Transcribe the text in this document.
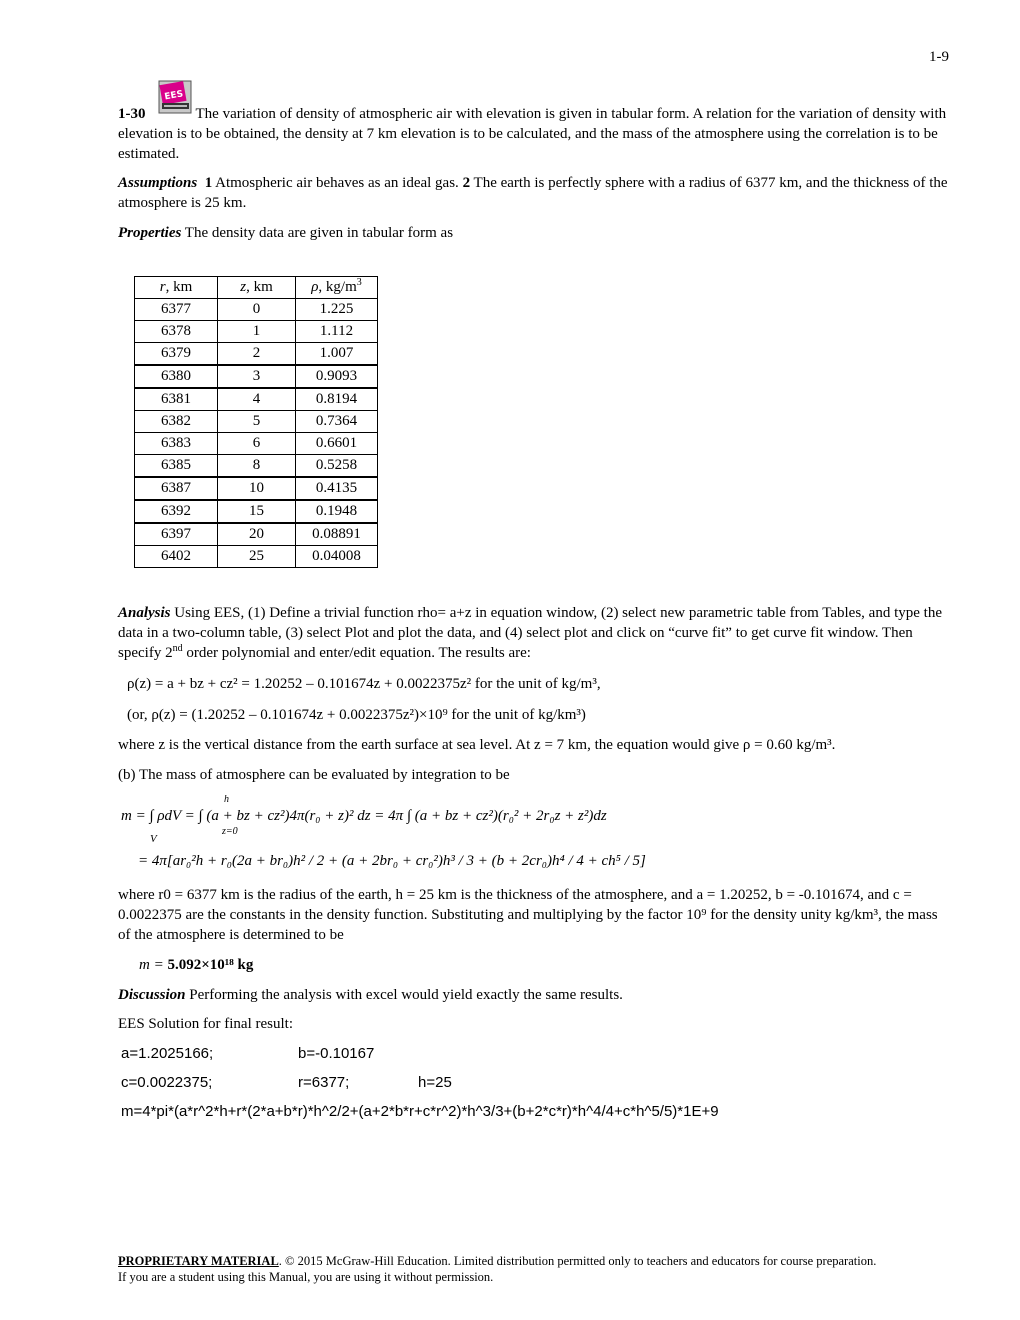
1-9
EES

1-30	The variation of density of atmospheric air with elevation is given in tabular form. A relation for the variation of density with elevation is to be obtained, the density at 7 km elevation is to be calculated, and the mass of the atmosphere using the correlation is to be estimated.

Assumptions 1 Atmospheric air behaves as an ideal gas. 2 The earth is perfectly sphere with a radius of 6377 km, and the thickness of the atmosphere is 25 km.

Properties The density data are given in tabular form as

r, km	z, km	ρ, $kg/m^3$
6377	0	1.225
6378	1	1.112
6379	2	1.007
6380	3	0.9093
6381	4	0.8194
6382	5	0.7364
6383	6	0.6601
6385	8	0.5258
6387	10	0.4135
6392	15	0.1948
6397	20	0.08891
6402	25	0.04008

Analysis Using EES, (1) Define a trivial function rho= a+z in equation window, (2) select new parametric table from Tables, and type the data in a two-column table, (3) select Plot and plot the data, and (4) select plot and click on “curve fit” to get curve fit window. Then specify 2nd order polynomial and enter/edit equation. The results are:

ρ(z) = a + bz + cz² = 1.20252 – 0.101674z + 0.0022375z² for the unit of kg/m³,
(or, ρ(z) = (1.20252 – 0.101674z + 0.0022375z²)×10⁹ for the unit of kg/km³)
where z is the vertical distance from the earth surface at sea level. At z = 7 km, the equation would give ρ = 0.60 kg/m³.
(b) The mass of atmosphere can be evaluated by integration to be
m = ∫ ρdV = ∫ (a + bz + cz²)4π(r₀ + z)² dz = 4π ∫ (a + bz + cz²)(r₀² + 2r₀z + z²)dz
V
h
z=0
= 4π[ar₀²h + r₀(2a + br₀)h² / 2 + (a + 2br₀ + cr₀²)h³ / 3 + (b + 2cr₀)h⁴ / 4 + ch⁵ / 5]
where r0 = 6377 km is the radius of the earth, h = 25 km is the thickness of the atmosphere, and a = 1.20252, b = -0.101674, and c = 0.0022375 are the constants in the density function. Substituting and multiplying by the factor 10⁹ for the density unity kg/km³, the mass of the atmosphere is determined to be
m = 5.092×10¹⁸ kg

Discussion Performing the analysis with excel would yield exactly the same results.

EES Solution for final result:
a=1.2025166;	b=-0.10167
c=0.0022375;	r=6377;	h=25
m=4*pi*(a*r^2*h+r*(2*a+b*r)*h^2/2+(a+2*b*r+c*r^2)*h^3/3+(b+2*c*r)*h^4/4+c*h^5/5)*1E+9
PROPRIETARY MATERIAL. © 2015 McGraw-Hill Education. Limited distribution permitted only to teachers and educators for course preparation.
If you are a student using this Manual, you are using it without permission.
